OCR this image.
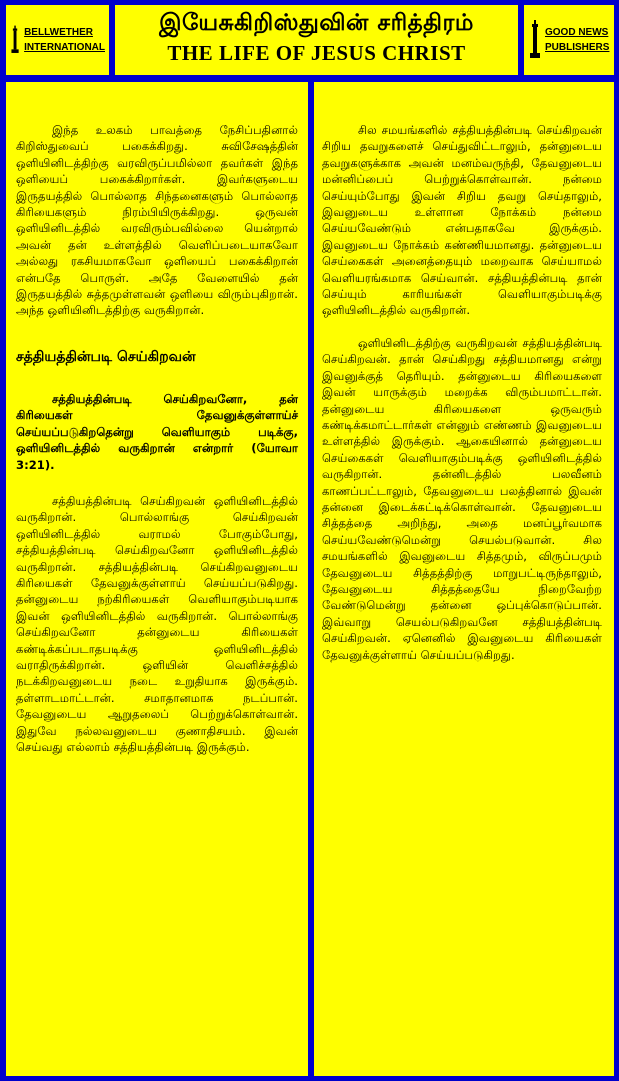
BELLWETHER
INTERNATIONAL
இயேசுகிறிஸ்துவின் சரித்திரம்
THE LIFE OF JESUS CHRIST
GOOD NEWS
PUBLISHERS

இந்த உலகம் பாவத்தை நேசிப்பதினால் கிறிஸ்துவைப் பகைக்கிறது. சுவிசேஷத்தின் ஒளியினிடத்திற்கு வரவிருப்பமில்லா தவர்கள் இந்த ஒளியைப் பகைக்கிறார்கள். இவர்களுடைய இருதயத்தில் பொல்லாத சிந்தனைகளும் பொல்லாத கிரியைகளும் நிரம்பியிருக்கிறது. ஒருவன் ஒளியினிடத்தில் வரவிரும்பவில்லை யென்றால் அவன் தன் உள்ளத்தில் வெளிப்படையாகவோ அல்லது ரகசியமாகவோ ஒளியைப் பகைக்கிறான் என்பதே பொருள். அதே வேளையில் தன் இருதயத்தில் சுத்தமுள்ளவன் ஒளியை விரும்புகிறான். அந்த ஒளியினிடத்திற்கு வருகிறான்.

சத்தியத்தின்படி செய்கிறவன்

சத்தியத்தின்படி செய்கிறவனோ, தன் கிரியைகள் தேவனுக்குள்ளாய்ச் செய்யப்படுகிறதென்று வெளியாகும் படிக்கு, ஒளியினிடத்தில் வருகிறான் என்றார் (யோவா 3:21).

சத்தியத்தின்படி செய்கிறவன் ஒளியினிடத்தில் வருகிறான். பொல்லாங்கு செய்கிறவன் ஒளியினிடத்தில் வராமல் போகும்போது, சத்தியத்தின்படி செய்கிறவனோ ஒளியினிடத்தில் வருகிறான். சத்தியத்தின்படி செய்கிறவனுடைய கிரியைகள் தேவனுக்குள்ளாய் செய்யப்படுகிறது. தன்னுடைய நற்கிரியைகள் வெளியாகும்படியாக இவன் ஒளியினிடத்தில் வருகிறான். பொல்லாங்கு செய்கிறவனோ தன்னுடைய கிரியைகள் கண்டிக்கப்படாதபடிக்கு ஒளியினிடத்தில் வராதிருக்கிறான். ஒளியின் வெளிச்சத்தில் நடக்கிறவனுடைய நடை உறுதியாக இருக்கும். தள்ளாடமாட்டான். சமாதானமாக நடப்பான். தேவனுடைய ஆறுதலைப் பெற்றுக்கொள்வான். இதுவே நல்லவனுடைய குணாதிசயம். இவன் செய்வது எல்லாம் சத்தியத்தின்படி இருக்கும்.

சில சமயங்களில் சத்தியத்தின்படி செய்கிறவன் சிறிய தவறுகளைச் செய்துவிட்டாலும், தன்னுடைய தவறுகளுக்காக அவன் மனம்வருந்தி, தேவனுடைய மன்னிப்பைப் பெற்றுக்கொள்வான். நன்மை செய்யும்போது இவன் சிறிய தவறு செய்தாலும், இவனுடைய உள்ளான நோக்கம் நன்மை செய்யவேண்டும் என்பதாகவே இருக்கும். இவனுடைய நோக்கம் கண்ணியமானது. தன்னுடைய செய்கைகள் அனைத்தையும் மறைவாக செய்யாமல் வெளியரங்கமாக செய்வான். சத்தியத்தின்படி தான் செய்யும் காரியங்கள் வெளியாகும்படிக்கு ஒளியினிடத்தில் வருகிறான்.

ஒளியினிடத்திற்கு வருகிறவன் சத்தியத்தின்படி செய்கிறவன். தான் செய்கிறது சத்தியமானது என்று இவனுக்குத் தெரியும். தன்னுடைய கிரியைகளை இவன் யாருக்கும் மறைக்க விரும்பமாட்டான். தன்னுடைய கிரியைகளை ஒருவரும் கண்டிக்கமாட்டார்கள் என்னும் எண்ணம் இவனுடைய உள்ளத்தில் இருக்கும். ஆகையினால் தன்னுடைய செய்கைகள் வெளியாகும்படிக்கு ஒளியினிடத்தில் வருகிறான். தன்னிடத்தில் பலவீனம் காணப்பட்டாலும், தேவனுடைய பலத்தினால் இவன் தன்னை இடைக்கட்டிக்கொள்வான். தேவனுடைய சித்தத்தை அறிந்து, அதை மனப்பூர்வமாக செய்யவேண்டுமென்று செயல்படுவான். சில சமயங்களில் இவனுடைய சித்தமும், விருப்பமும் தேவனுடைய சித்தத்திற்கு மாறுபட்டிருந்தாலும், தேவனுடைய சித்தத்தையே நிறைவேற்ற வேண்டுமென்று தன்னை ஒப்புக்கொடுப்பான். இவ்வாறு செயல்படுகிறவனே சத்தியத்தின்படி செய்கிறவன். ஏனெனில் இவனுடைய கிரியைகள் தேவனுக்குள்ளாய் செய்யப்படுகிறது.
